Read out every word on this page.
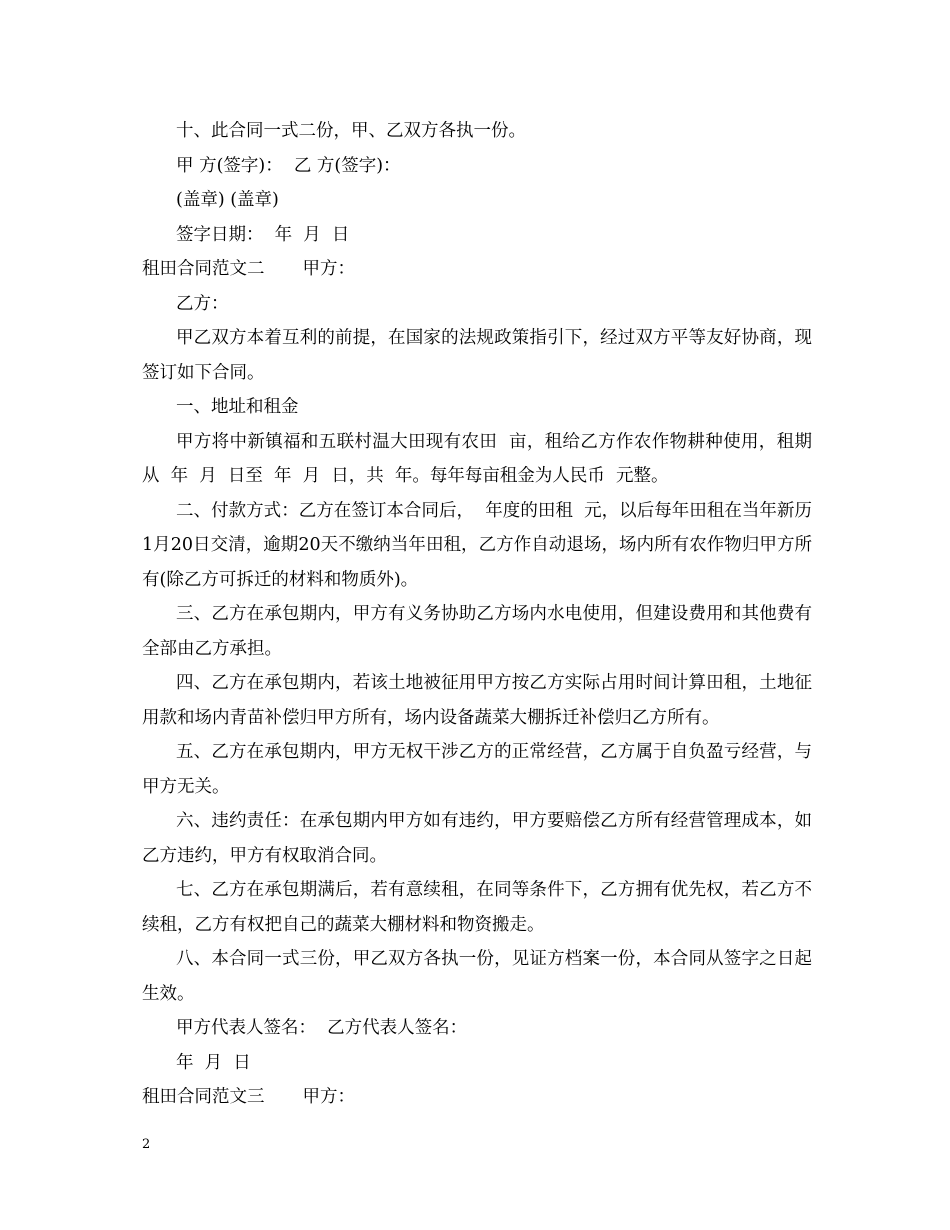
十、此合同一式二份，甲、乙双方各执一份。

甲 方(签字)：  乙 方(签字)：

(盖章) (盖章)

签字日期：  年  月  日

租田合同范文二 甲方：

乙方：

甲乙双方本着互利的前提，在国家的法规政策指引下，经过双方平等友好协商，现签订如下合同。

一、地址和租金

甲方将中新镇福和五联村温大田现有农田  亩，租给乙方作农作物耕种使用，租期从  年  月  日至  年  月  日，共  年。每年每亩租金为人民币  元整。

二、付款方式：乙方在签订本合同后，  年度的田租  元，以后每年田租在当年新历1月20日交清，逾期20天不缴纳当年田租，乙方作自动退场，场内所有农作物归甲方所有(除乙方可拆迁的材料和物质外)。

三、乙方在承包期内，甲方有义务协助乙方场内水电使用，但建设费用和其他费有全部由乙方承担。

四、乙方在承包期内，若该土地被征用甲方按乙方实际占用时间计算田租，土地征用款和场内青苗补偿归甲方所有，场内设备蔬菜大棚拆迁补偿归乙方所有。

五、乙方在承包期内，甲方无权干涉乙方的正常经营，乙方属于自负盈亏经营，与甲方无关。

六、违约责任：在承包期内甲方如有违约，甲方要赔偿乙方所有经营管理成本，如乙方违约，甲方有权取消合同。

七、乙方在承包期满后，若有意续租，在同等条件下，乙方拥有优先权，若乙方不续租，乙方有权把自己的蔬菜大棚材料和物资搬走。

八、本合同一式三份，甲乙双方各执一份，见证方档案一份，本合同从签字之日起生效。

甲方代表人签名：  乙方代表人签名：

年  月  日

租田合同范文三 甲方：

2
